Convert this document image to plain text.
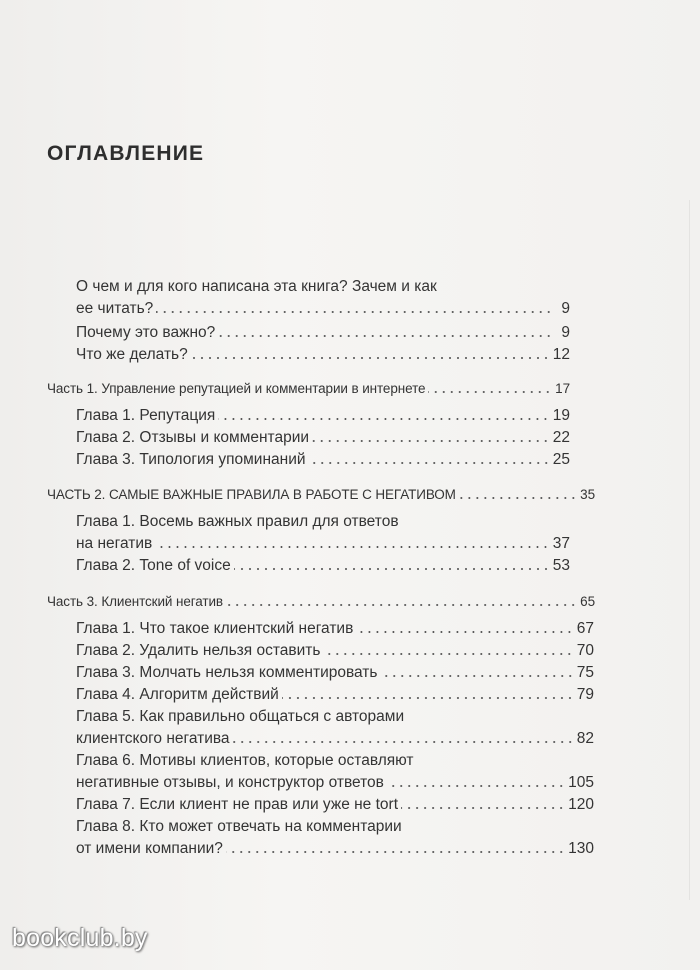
ОГЛАВЛЕНИЕ
О чем и для кого написана эта книга? Зачем и как
ее читать?	9
Почему это важно?	9
Что же делать?	12
Часть 1. Управление репутацией и комментарии в интернете	17
Глава 1. Репутация	19
Глава 2. Отзывы и комментарии	22
Глава 3. Типология упоминаний	25
ЧАСТЬ 2. САМЫЕ ВАЖНЫЕ ПРАВИЛА В РАБОТЕ С НЕГАТИВОМ	35
Глава 1. Восемь важных правил для ответов
на негатив	37
Глава 2. Tone of voice	53
Часть 3. Клиентский негатив	65
Глава 1. Что такое клиентский негатив	67
Глава 2. Удалить нельзя оставить	70
Глава 3. Молчать нельзя комментировать	75
Глава 4. Алгоритм действий	79
Глава 5. Как правильно общаться с авторами
клиентского негатива	82
Глава 6. Мотивы клиентов, которые оставляют
негативные отзывы, и конструктор ответов	105
Глава 7. Если клиент не прав или уже не tort	120
Глава 8. Кто может отвечать на комментарии
от имени компании?	130
bookclub.by
